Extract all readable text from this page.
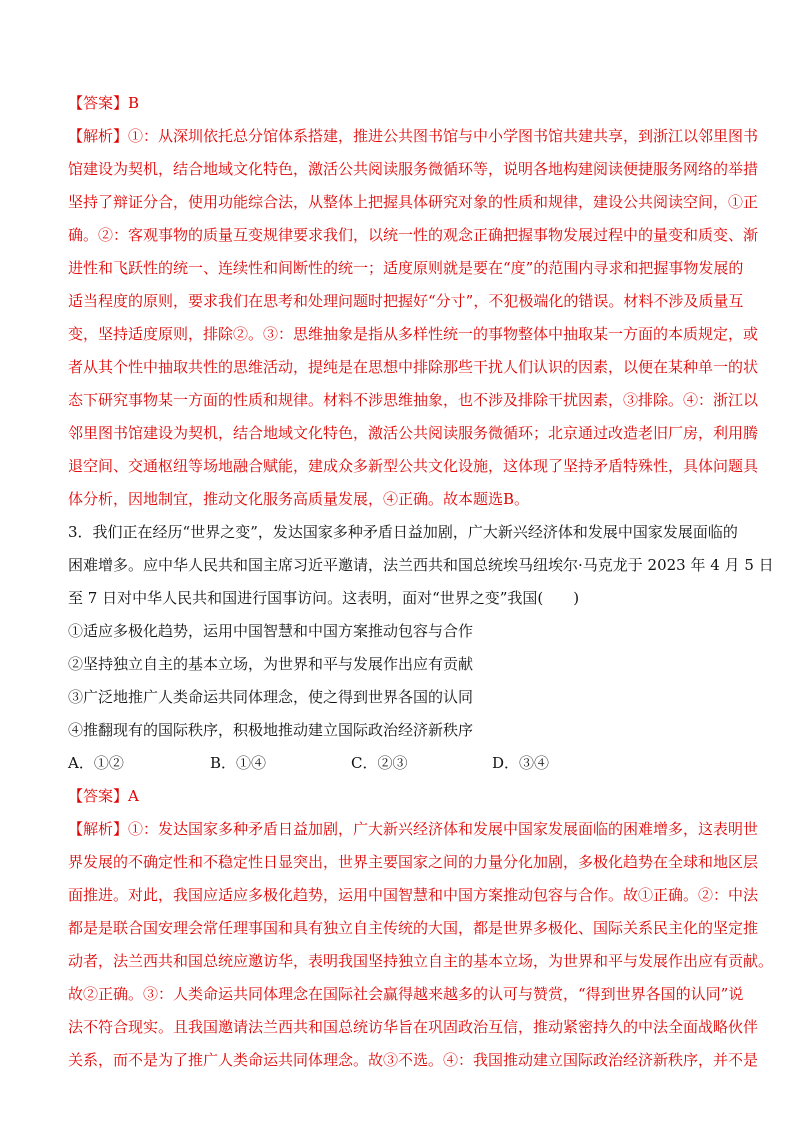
【答案】B
【解析】①：从深圳依托总分馆体系搭建，推进公共图书馆与中小学图书馆共建共享，到浙江以邻里图书
馆建设为契机，结合地域文化特色，激活公共阅读服务微循环等，说明各地构建阅读便捷服务网络的举措
坚持了辩证分合，使用功能综合法，从整体上把握具体研究对象的性质和规律，建设公共阅读空间，①正
确。②：客观事物的质量互变规律要求我们，以统一性的观念正确把握事物发展过程中的量变和质变、渐
进性和飞跃性的统一、连续性和间断性的统一；适度原则就是要在“度”的范围内寻求和把握事物发展的
适当程度的原则，要求我们在思考和处理问题时把握好“分寸”，不犯极端化的错误。材料不涉及质量互
变，坚持适度原则，排除②。③：思维抽象是指从多样性统一的事物整体中抽取某一方面的本质规定，或
者从其个性中抽取共性的思维活动，提纯是在思想中排除那些干扰人们认识的因素，以便在某种单一的状
态下研究事物某一方面的性质和规律。材料不涉思维抽象，也不涉及排除干扰因素，③排除。④：浙江以
邻里图书馆建设为契机，结合地域文化特色，激活公共阅读服务微循环；北京通过改造老旧厂房，利用腾
退空间、交通枢纽等场地融合赋能，建成众多新型公共文化设施，这体现了坚持矛盾特殊性，具体问题具
体分析，因地制宜，推动文化服务高质量发展，④正确。故本题选B。
3．我们正在经历“世界之变”，发达国家多种矛盾日益加剧，广大新兴经济体和发展中国家发展面临的
困难增多。应中华人民共和国主席习近平邀请，法兰西共和国总统埃马纽埃尔·马克龙于 2023 年 4 月 5 日
至 7 日对中华人民共和国进行国事访问。这表明，面对“世界之变”我国(　　)
①适应多极化趋势，运用中国智慧和中国方案推动包容与合作
②坚持独立自主的基本立场，为世界和平与发展作出应有贡献
③广泛地推广人类命运共同体理念，使之得到世界各国的认同
④推翻现有的国际秩序，积极地推动建立国际政治经济新秩序
A．①②	B．①④	C．②③	D．③④
【答案】A
【解析】①：发达国家多种矛盾日益加剧，广大新兴经济体和发展中国家发展面临的困难增多，这表明世
界发展的不确定性和不稳定性日显突出，世界主要国家之间的力量分化加剧，多极化趋势在全球和地区层
面推进。对此，我国应适应多极化趋势，运用中国智慧和中国方案推动包容与合作。故①正确。②：中法
都是是联合国安理会常任理事国和具有独立自主传统的大国，都是世界多极化、国际关系民主化的坚定推
动者，法兰西共和国总统应邀访华，表明我国坚持独立自主的基本立场，为世界和平与发展作出应有贡献。
故②正确。③：人类命运共同体理念在国际社会赢得越来越多的认可与赞赏，“得到世界各国的认同”说
法不符合现实。且我国邀请法兰西共和国总统访华旨在巩固政治互信，推动紧密持久的中法全面战略伙伴
关系，而不是为了推广人类命运共同体理念。故③不选。④：我国推动建立国际政治经济新秩序，并不是
